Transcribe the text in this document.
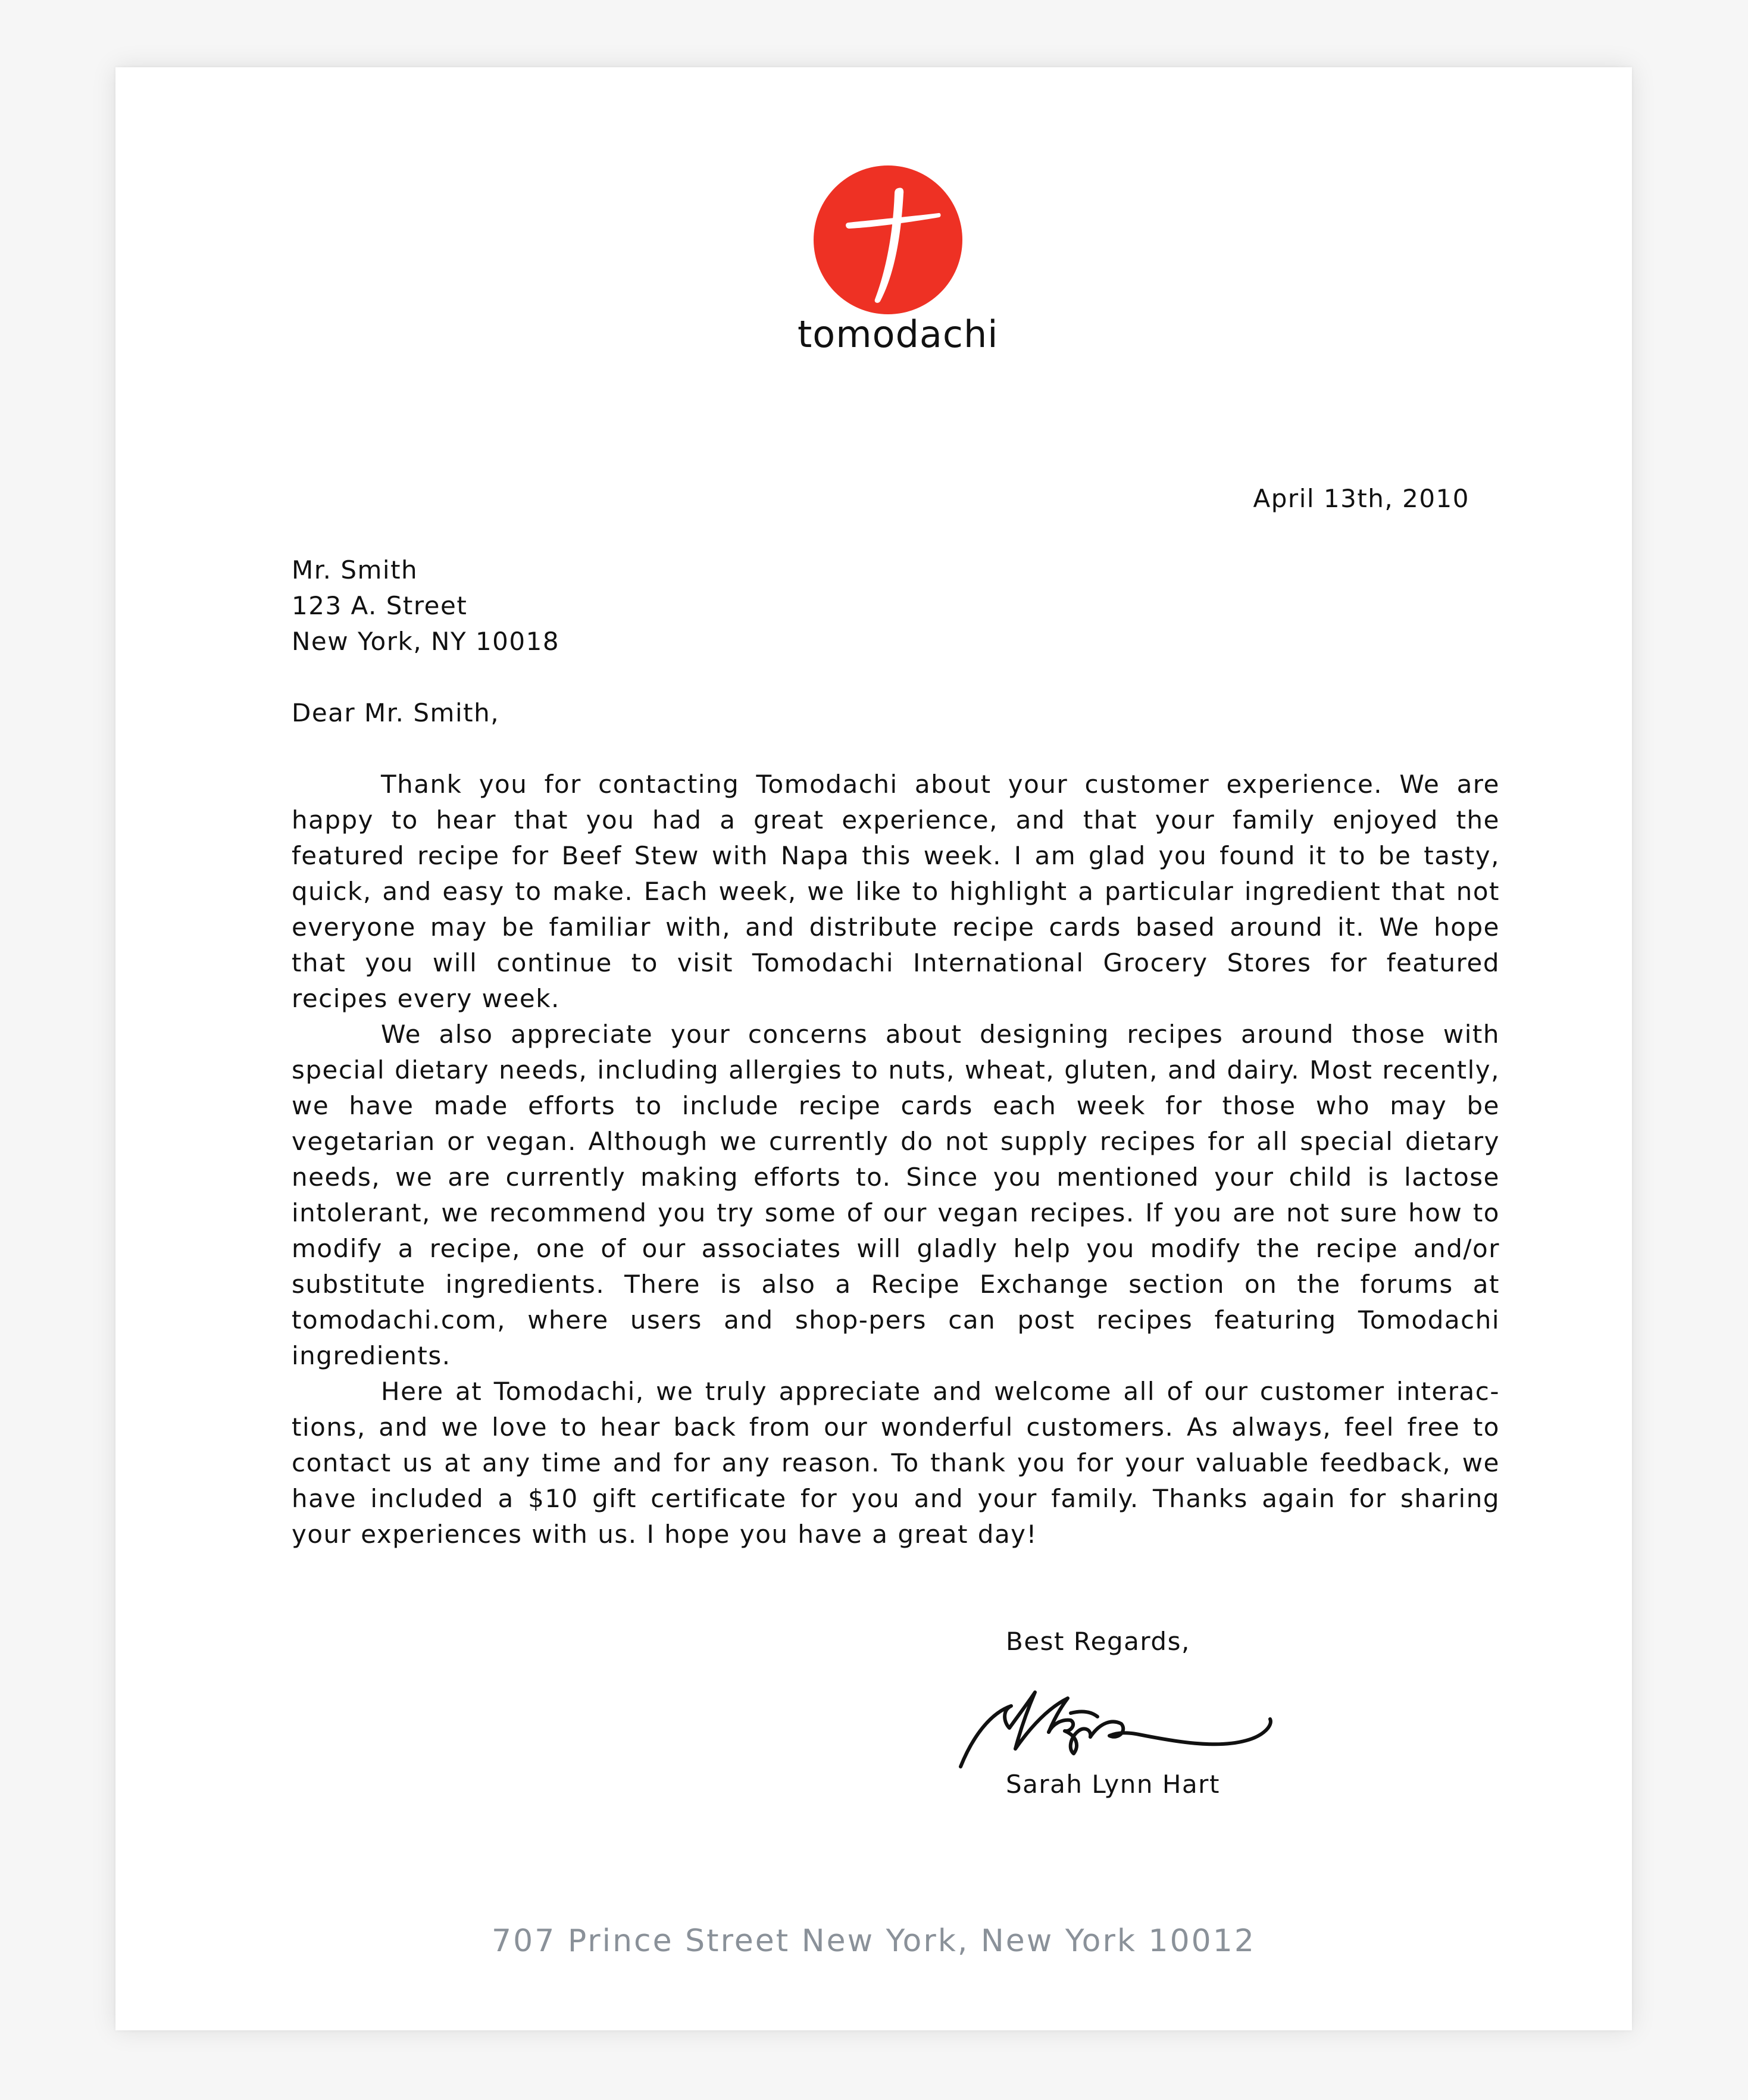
tomodachi
April 13th, 2010
Mr. Smith
123 A. Street
New York, NY 10018
Dear Mr. Smith,

Thank you for contacting Tomodachi about your customer experience. We are happy to hear that you had a great experience, and that your family enjoyed the featured recipe for Beef Stew with Napa this week. I am glad you found it to be tasty, quick, and easy to make. Each week, we like to highlight a particular ingredient that not everyone may be familiar with, and distribute recipe cards based around it. We hope that you will continue to visit Tomodachi International Grocery Stores for featured recipes every week.

We also appreciate your concerns about designing recipes around those with special dietary needs, including allergies to nuts, wheat, gluten, and dairy. Most recently, we have made efforts to include recipe cards each week for those who may be vegetarian or vegan. Although we currently do not supply recipes for all special dietary needs, we are currently making efforts to. Since you mentioned your child is lactose intolerant, we recommend you try some of our vegan recipes. If you are not sure how to modify a recipe, one of our associates will gladly help you modify the recipe and/or substitute ingredients. There is also a Recipe Exchange section on the forums at tomodachi.com, where users and shop-pers can post recipes featuring Tomodachi ingredients.

Here at Tomodachi, we truly appreciate and welcome all of our customer interac-tions, and we love to hear back from our wonderful customers. As always, feel free to contact us at any time and for any reason. To thank you for your valuable feedback, we have included a $10 gift certificate for you and your family. Thanks again for sharing your experiences with us. I hope you have a great day!

Best Regards,
Sarah Lynn Hart
707 Prince Street New York, New York 10012
